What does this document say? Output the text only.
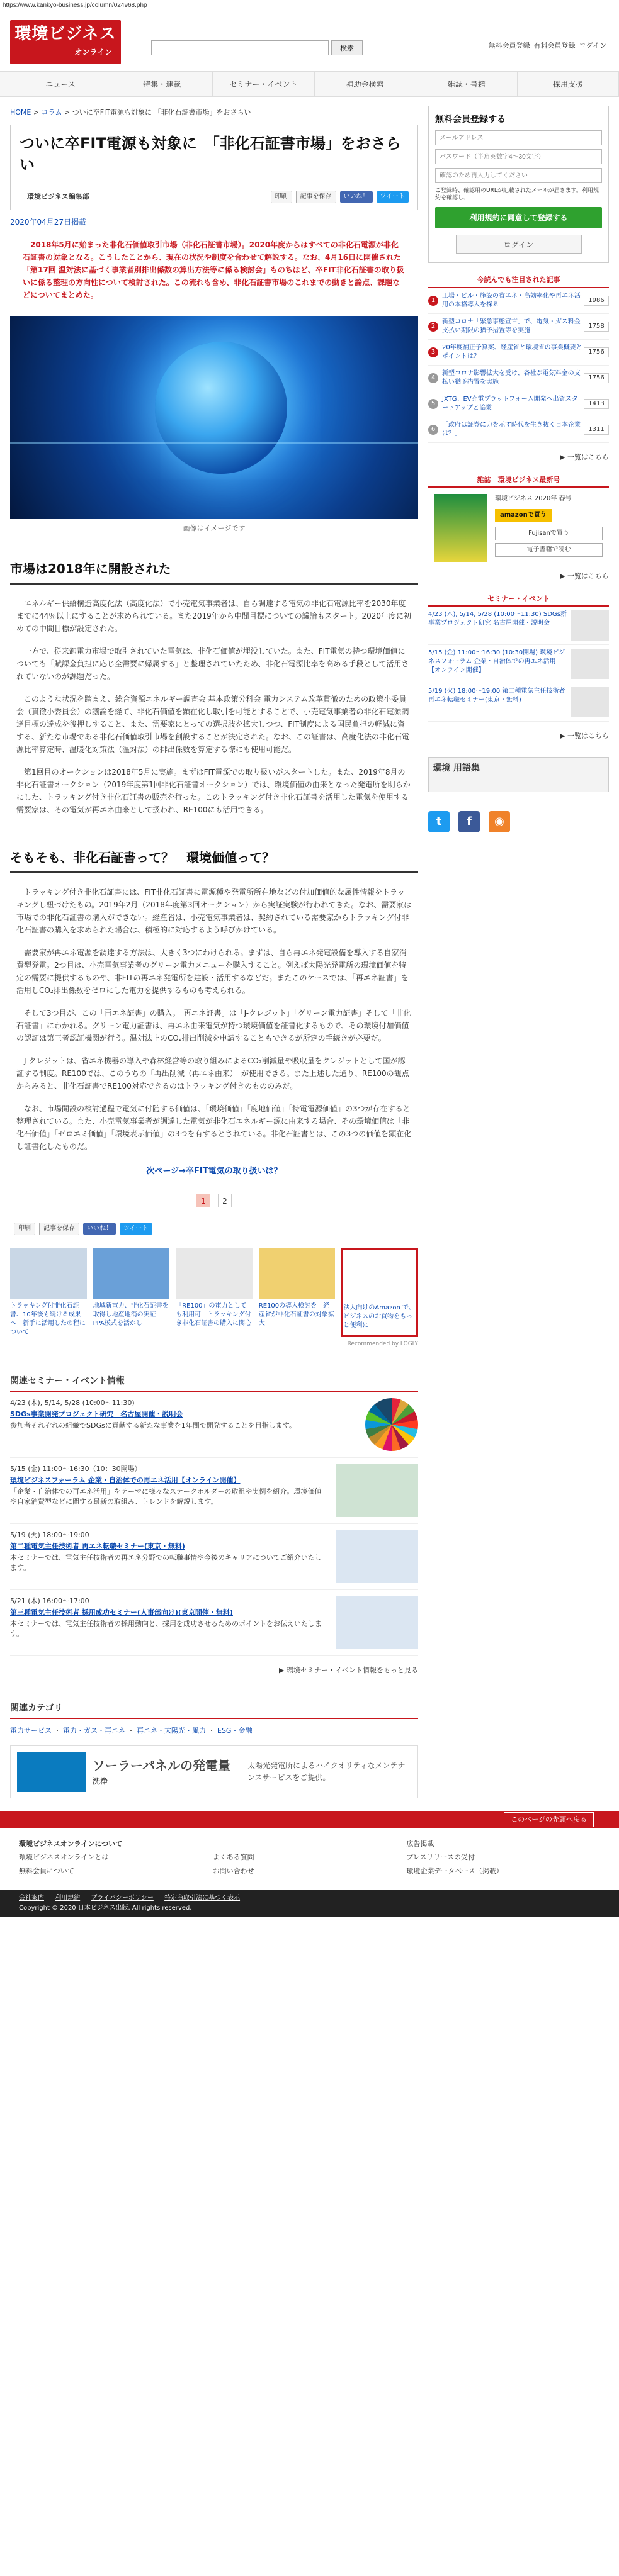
https://www.kankyo-business.jp/column/024968.php
環境ビジネス
オンライン	検索	無料会員登録 有料会員登録 ログイン
ニュース	特集・連載	セミナー・イベント	補助金検索	雑誌・書籍	採用支援
HOME > コラム > ついに卒FIT電源も対象に 「非化石証書市場」をおさらい
ついに卒FIT電源も対象に　「非化石証書市場」をおさらい
環境ビジネス編集部	印刷	記事を保存	いいね！	ツイート
2020年04月27日掲載

2018年5月に始まった非化石価値取引市場（非化石証書市場）。2020年度からはすべての非化石電源が非化石証書の対象となる。こうしたことから、現在の状況や制度を合わせて解説する。なお、4月16日に開催された「第17回 温対法に基づく事業者別排出係数の算出方法等に係る検討会」ものちほど、卒FIT非化石証書の取り扱いに係る整理の方向性について検討された。この流れも含め、非化石証書市場のこれまでの動きと論点、課題などについてまとめた。

画像はイメージです
市場は2018年に開設された

エネルギー供給構造高度化法（高度化法）で小売電気事業者は、自ら調達する電気の非化石電源比率を2030年度までに44％以上にすることが求められている。また2019年から中間目標についての議論もスタート。2020年度に初めての中間目標が設定された。

一方で、従来卸電力市場で取引されていた電気は、非化石価値が埋没していた。また、FIT電気の持つ環境価値についても「賦課金負担に応じ全需要に帰属する」と整理されていたため、非化石電源比率を高める手段として活用されていないのが課題だった。

このような状況を踏まえ、総合資源エネルギー調査会 基本政策分科会 電力システム改革貫徹のための政策小委員会（貫徹小委員会）の議論を経て、非化石価値を顕在化し取引を可能とすることで、小売電気事業者の非化石電源調達目標の達成を後押しすること、また、需要家にとっての選択肢を拡大しつつ、FIT制度による国民負担の軽減に資する、新たな市場である非化石価値取引市場を創設することが決定された。なお、この証書は、高度化法の非化石電源比率算定時、温暖化対策法（温対法）の排出係数を算定する際にも使用可能だ。

第1回目のオークションは2018年5月に実施。まずはFIT電源での取り扱いがスタートした。また、2019年8月の非化石証書オークション（2019年度第1回非化石証書オークション）では、環境価値の由来となった発電所を明らかにした、トラッキング付き非化石証書の販売を行った。このトラッキング付き非化石証書を活用した電気を使用する需要家は、その電気が再エネ由来として扱われ、RE100にも活用できる。

そもそも、非化石証書って？　環境価値って？

トラッキング付き非化石証書には、FIT非化石証書に電源種や発電所所在地などの付加価値的な属性情報をトラッキングし紐づけたもの。2019年2月（2018年度第3回オークション）から実証実験が行われてきた。なお、需要家は市場での非化石証書の購入ができない。経産省は、小売電気事業者は、契約されている需要家からトラッキング付非化石証書の購入を求められた場合は、積極的に対応するよう呼びかけている。

需要家が再エネ電源を調達する方法は、大きく3つにわけられる。まずは、自ら再エネ発電設備を導入する自家消費型発電。2つ目は、小売電気事業者のグリーン電力メニューを購入すること。例えば太陽光発電所の環境価値を特定の需要に提供するものや、非FITの再エネ発電所を建設・活用するなどだ。またこのケースでは、「再エネ証書」を活用しCO₂排出係数をゼロにした電力を提供するものも考えられる。

そして3つ目が、この「再エネ証書」の購入。「再エネ証書」は「J-クレジット」「グリーン電力証書」そして「非化石証書」にわかれる。グリーン電力証書は、再エネ由来電気が持つ環境価値を証書化するもので、その環境付加価値の認証は第三者認証機関が行う。温対法上のCO₂排出削減を申請することもできるが所定の手続きが必要だ。

J-クレジットは、省エネ機器の導入や森林経営等の取り組みによるCO₂削減量や吸収量をクレジットとして国が認証する制度。RE100では、このうちの「再出削減（再エネ由来）」が使用できる。また上述した通り、RE100の観点からみると、非化石証書でRE100対応できるのはトラッキング付きのもののみだ。

なお、市場開設の検討過程で電気に付随する価値は、「環境価値」「度地価値」「特電電源価値」の3つが存在すると整理されている。また、小売電気事業者が調達した電気が非化石エネルギー源に由来する場合、その環境価値は「非化石価値」「ゼロエミ価値」「環境表示価値」の3つを有するとされている。非化石証書とは、この3つの価値を顕在化し証書化したものだ。

次ページ→卒FIT電気の取り扱いは？
1 2
印刷	記事を保存	いいね！	ツイート
トラッキング付非化石証書、10年後も続ける成果へ　新手に活用したの程について
地域新電力、非化石証書を取得し地産地消の実証　PPA模式を活かし
「RE100」の電力として も利用可　トラッキング付き非化石証書の購入に関心
RE100の導入検討を　経産省が非化石証書の対象拡大
法人向けのAmazon で、ビジネスのお買物をもっと便利に
Recommended by LOGLY
関連セミナー・イベント情報
4/23 (木), 5/14, 5/28 (10:00〜11:30)
SDGs事業開発プロジェクト研究　名古屋開催・説明会
参加者それぞれの組織でSDGsに貢献する新たな事業を1年間で開発することを目指します。
5/15 (金) 11:00〜16:30（10：30開場）
環境ビジネスフォーラム 企業・自治体での再エネ活用【オンライン開催】
「企業・自治体での再エネ活用」をテーマに様々なステークホルダーの取組や実例を紹介。環境価値や自家消費型などに関する最新の取組み、トレンドを解説します。
5/19 (火) 18:00〜19:00
第二種電気主任技術者 再エネ転職セミナー(東京・無料)
本セミナーでは、電気主任技術者の再エネ分野での転職事情や今後のキャリアについてご紹介いたします。
5/21 (木) 16:00〜17:00
第三種電気主任技術者 採用成功セミナー(人事部向け)(東京開催・無料)
本セミナーでは、電気主任技術者の採用動向と、採用を成功させるためのポイントをお伝えいたします。
▶ 環境セミナー・イベント情報をもっと見る
関連カテゴリ
電力サービス ・ 電力・ガス・再エネ ・ 再エネ・太陽光・風力 ・ ESG・金融
ソーラーパネルの発電量
洗浄
太陽光発電所によるハイクオリティなメンテナンスサービスをご提供。
無料会員登録する
メールアドレス パスワード（半角英数字4〜30文字） 確認のため再入力してください
ご登録時、確認用のURLが記載されたメールが届きます。利用規約を確認し、
利用規約に同意して登録する
ログイン
今読んでも注目された記事
1
工場・ビル・施設の省エネ・高効率化や再エネ活用の本格導入を探る
1986
2
新型コロナ「緊急事態宣言」で、電気・ガス料金支払い期限の猶予措置等を実施
1758
3
20年度補正予算案、経産省と環境省の事業概要とポイントは？
1756
4
新型コロナ影響拡大を受け、各社が電気料金の支払い猶予措置を実施
1756
5
JXTG、EV充電プラットフォーム開発へ出資スタートアップと協業
1413
6
「政府は証券に力を示す時代を生き抜く日本企業は？」
1311
▶ 一覧はこちら
雑誌　環境ビジネス最新号
環境ビジネス 2020年 春号
amazonで買う
Fujisanで買う
電子書籍で読む
▶ 一覧はこちら
セミナー・イベント
4/23 (木), 5/14, 5/28 (10:00〜11:30) SDGs新事業プロジェクト研究 名古屋開催・説明会
5/15 (金) 11:00〜16:30 (10:30開場) 環境ビジネスフォーラム 企業・自治体での再エネ活用【オンライン開催】
5/19 (火) 18:00〜19:00 第二種電気主任技術者 再エネ転職セミナー(東京・無料)
▶ 一覧はこちら
環境 用語集
t	f	◉
このページの先頭へ戻る
環境ビジネスオンラインについて
環境ビジネスオンラインとは
無料会員について

よくある質問
お問い合わせ
広告掲載
プレスリリースの受付
環境企業データベース（掲載）
会社案内 利用規約 プライバシーポリシー 特定商取引法に基づく表示
Copyright © 2020 日本ビジネス出版. All rights reserved.
